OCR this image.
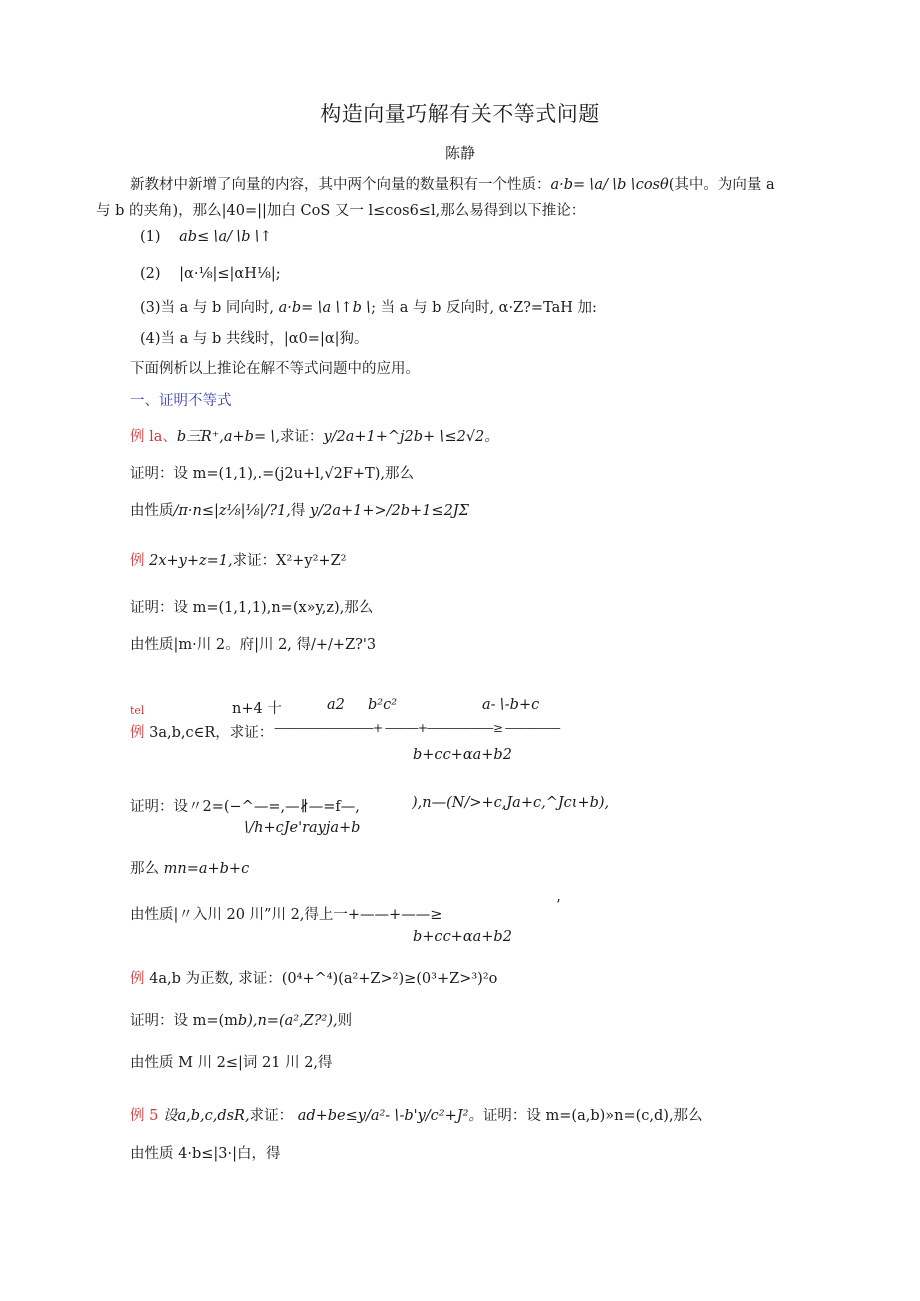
构造向量巧解有关不等式问题
陈静
新教材中新增了向量的内容，其中两个向量的数量积有一个性质：a·b=∖a/∖b∖cosθ(其中。为向量 a
与 b 的夹角)，那么|40=||加白 CoS 又一 l≤cos6≤l,那么易得到以下推论：
(1) ab≤∖a/∖b∖↑
(2) |α·⅛|≤|αH⅛|;
(3)当 a 与 b 同向时, a·b=∖a∖↑b∖; 当 a 与 b 反向时, α·Z?=TaH 加:
(4)当 a 与 b 共线时，|α0=|α|狗。
下面例析以上推论在解不等式问题中的应用。
一、证明不等式
例 la、b三R⁺,a+b=∖,求证：y/2a+1+^j2b+∖≤2√2。
证明：设 m=(1,1),.=(j2u+l,√2F+T),那么
由性质∕π·n≤|z⅛|⅛|/?1,得 y/2a+1+>/2b+1≤2JΣ
例 2x+y+z=1,求证：X²+y²+Z²
证明：设 m=(1,1,1),n=(x»y,z),那么
由性质|m·川 2。府|川 2, 得/+/+Z?'3
tel	n+4 十	a2 b²c²	a-∖-b+c
例 3a,b,c∈R，求证： —————————+ ———+——————≥ —————
b+cc+αa+b2
证明：设〃2=(−^—=,—∦—=f—,	),n—(N/>+c,Ja+c,^Jcι+b),
∖/h+cJe'rayja+b
那么 mn=a+b+c
由性质|〃入川 20 川”川 2,得上一+——+——≥
’
b+cc+αa+b2
例 4a,b 为正数, 求证：(0⁴+^⁴)(a²+Z>²)≥(0³+Z>³)²o
证明：设 m=(mb),n=(a²,Z?²),则
由性质 M 川 2≤|词 21 川 2,得
例 5 设a,b,c,dsR,求证： ad+be≤y/a²-∖-b'y/c²+J²。证明：设 m=(a,b)»n=(c,d),那么
由性质 4·b≤|3·|白，得
